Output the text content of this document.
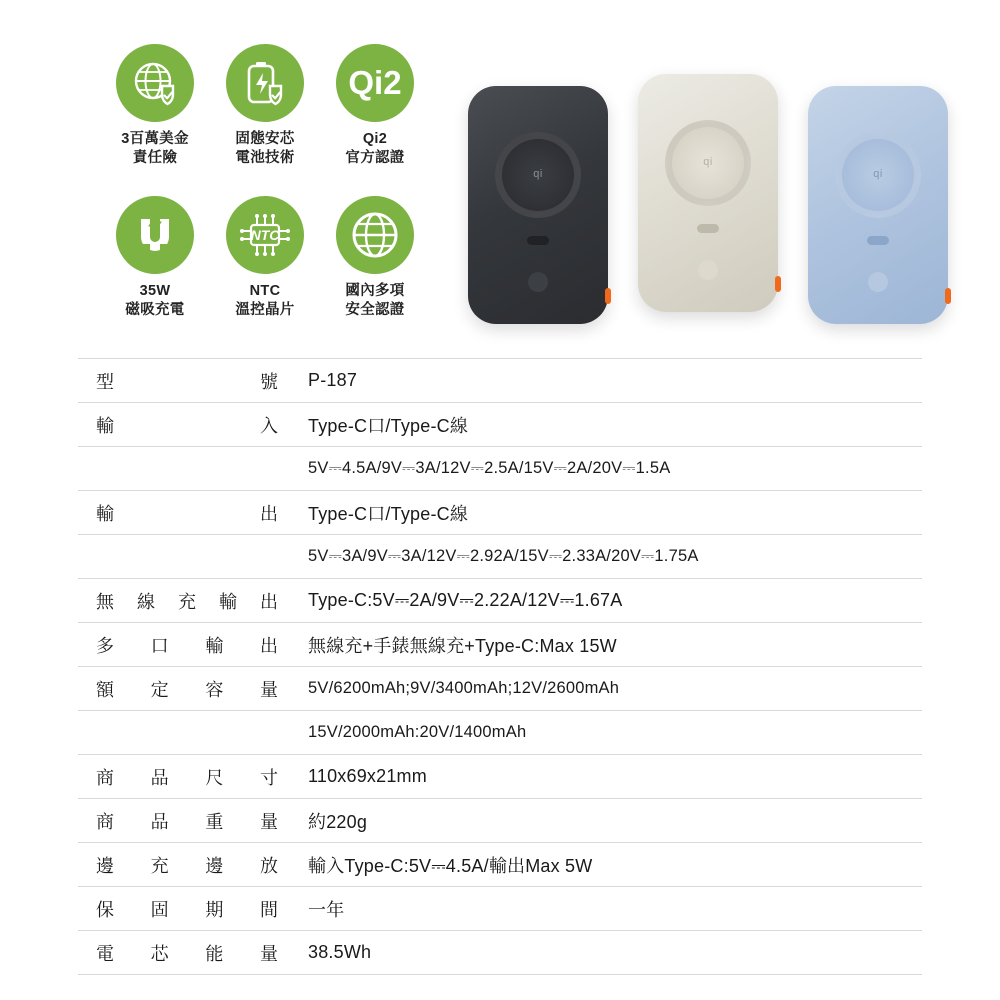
3百萬美金
責任險
固態安芯
電池技術
Qi2
Qi2
官方認證
35W
磁吸充電
NTC
NTC
溫控晶片
國內多項
安全認證
qi
qi
qi
型	號	P-187
輸	入	Type-C口/Type-C線
5V⎓4.5A/9V⎓3A/12V⎓2.5A/15V⎓2A/20V⎓1.5A
輸	出	Type-C口/Type-C線
5V⎓3A/9V⎓3A/12V⎓2.92A/15V⎓2.33A/20V⎓1.75A
無 線 充 輸 出	Type-C:5V⎓2A/9V⎓2.22A/12V⎓1.67A
多 口 輸 出	無線充+手錶無線充+Type-C:Max 15W
額 定 容 量	5V/6200mAh;9V/3400mAh;12V/2600mAh
15V/2000mAh:20V/1400mAh
商 品 尺 寸	110x69x21mm
商 品 重 量	約220g
邊 充 邊 放	輸入Type-C:5V⎓4.5A/輸出Max 5W
保 固 期 間	一年
電 芯 能 量	38.5Wh
